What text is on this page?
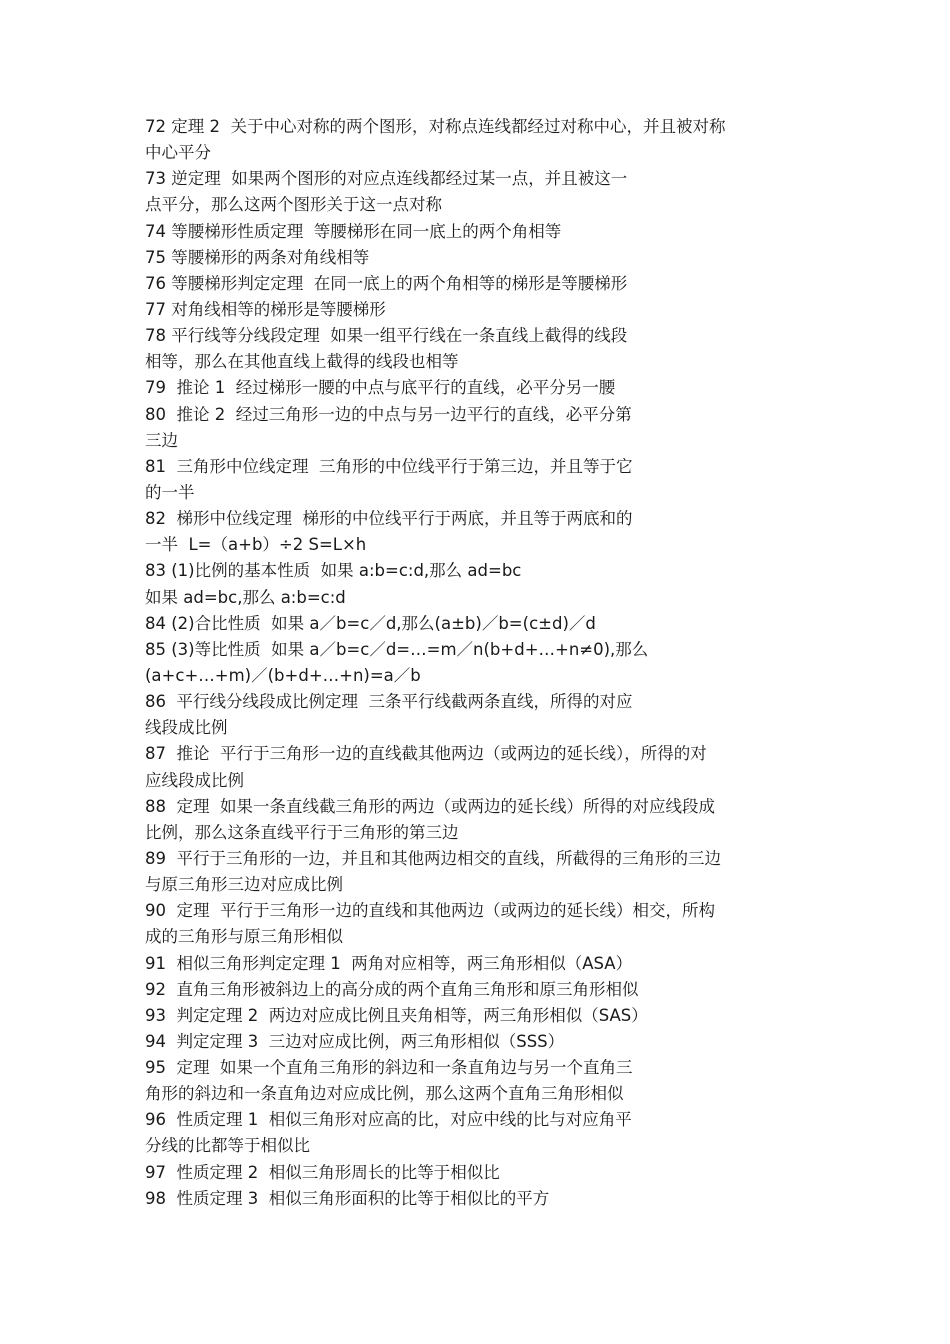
72 定理 2  关于中心对称的两个图形，对称点连线都经过对称中心，并且被对称
中心平分
73 逆定理  如果两个图形的对应点连线都经过某一点，并且被这一
点平分，那么这两个图形关于这一点对称
74 等腰梯形性质定理  等腰梯形在同一底上的两个角相等
75 等腰梯形的两条对角线相等
76 等腰梯形判定定理  在同一底上的两个角相等的梯形是等腰梯形
77 对角线相等的梯形是等腰梯形
78 平行线等分线段定理  如果一组平行线在一条直线上截得的线段
相等，那么在其他直线上截得的线段也相等
79  推论 1  经过梯形一腰的中点与底平行的直线，必平分另一腰
80  推论 2  经过三角形一边的中点与另一边平行的直线，必平分第
三边
81  三角形中位线定理  三角形的中位线平行于第三边，并且等于它
的一半
82  梯形中位线定理  梯形的中位线平行于两底，并且等于两底和的
一半  L=（a+b）÷2 S=L×h
83 (1)比例的基本性质  如果 a:b=c:d,那么 ad=bc
如果 ad=bc,那么 a:b=c:d
84 (2)合比性质  如果 a／b=c／d,那么(a±b)／b=(c±d)／d
85 (3)等比性质  如果 a／b=c／d=…=m／n(b+d+…+n≠0),那么
(a+c+…+m)／(b+d+…+n)=a／b
86  平行线分线段成比例定理  三条平行线截两条直线，所得的对应
线段成比例
87  推论  平行于三角形一边的直线截其他两边（或两边的延长线），所得的对
应线段成比例
88  定理  如果一条直线截三角形的两边（或两边的延长线）所得的对应线段成
比例，那么这条直线平行于三角形的第三边
89  平行于三角形的一边，并且和其他两边相交的直线，所截得的三角形的三边
与原三角形三边对应成比例
90  定理  平行于三角形一边的直线和其他两边（或两边的延长线）相交，所构
成的三角形与原三角形相似
91  相似三角形判定定理 1  两角对应相等，两三角形相似（ASA）
92  直角三角形被斜边上的高分成的两个直角三角形和原三角形相似
93  判定定理 2  两边对应成比例且夹角相等，两三角形相似（SAS）
94  判定定理 3  三边对应成比例，两三角形相似（SSS）
95  定理  如果一个直角三角形的斜边和一条直角边与另一个直角三
角形的斜边和一条直角边对应成比例，那么这两个直角三角形相似
96  性质定理 1  相似三角形对应高的比，对应中线的比与对应角平
分线的比都等于相似比
97  性质定理 2  相似三角形周长的比等于相似比
98  性质定理 3  相似三角形面积的比等于相似比的平方
